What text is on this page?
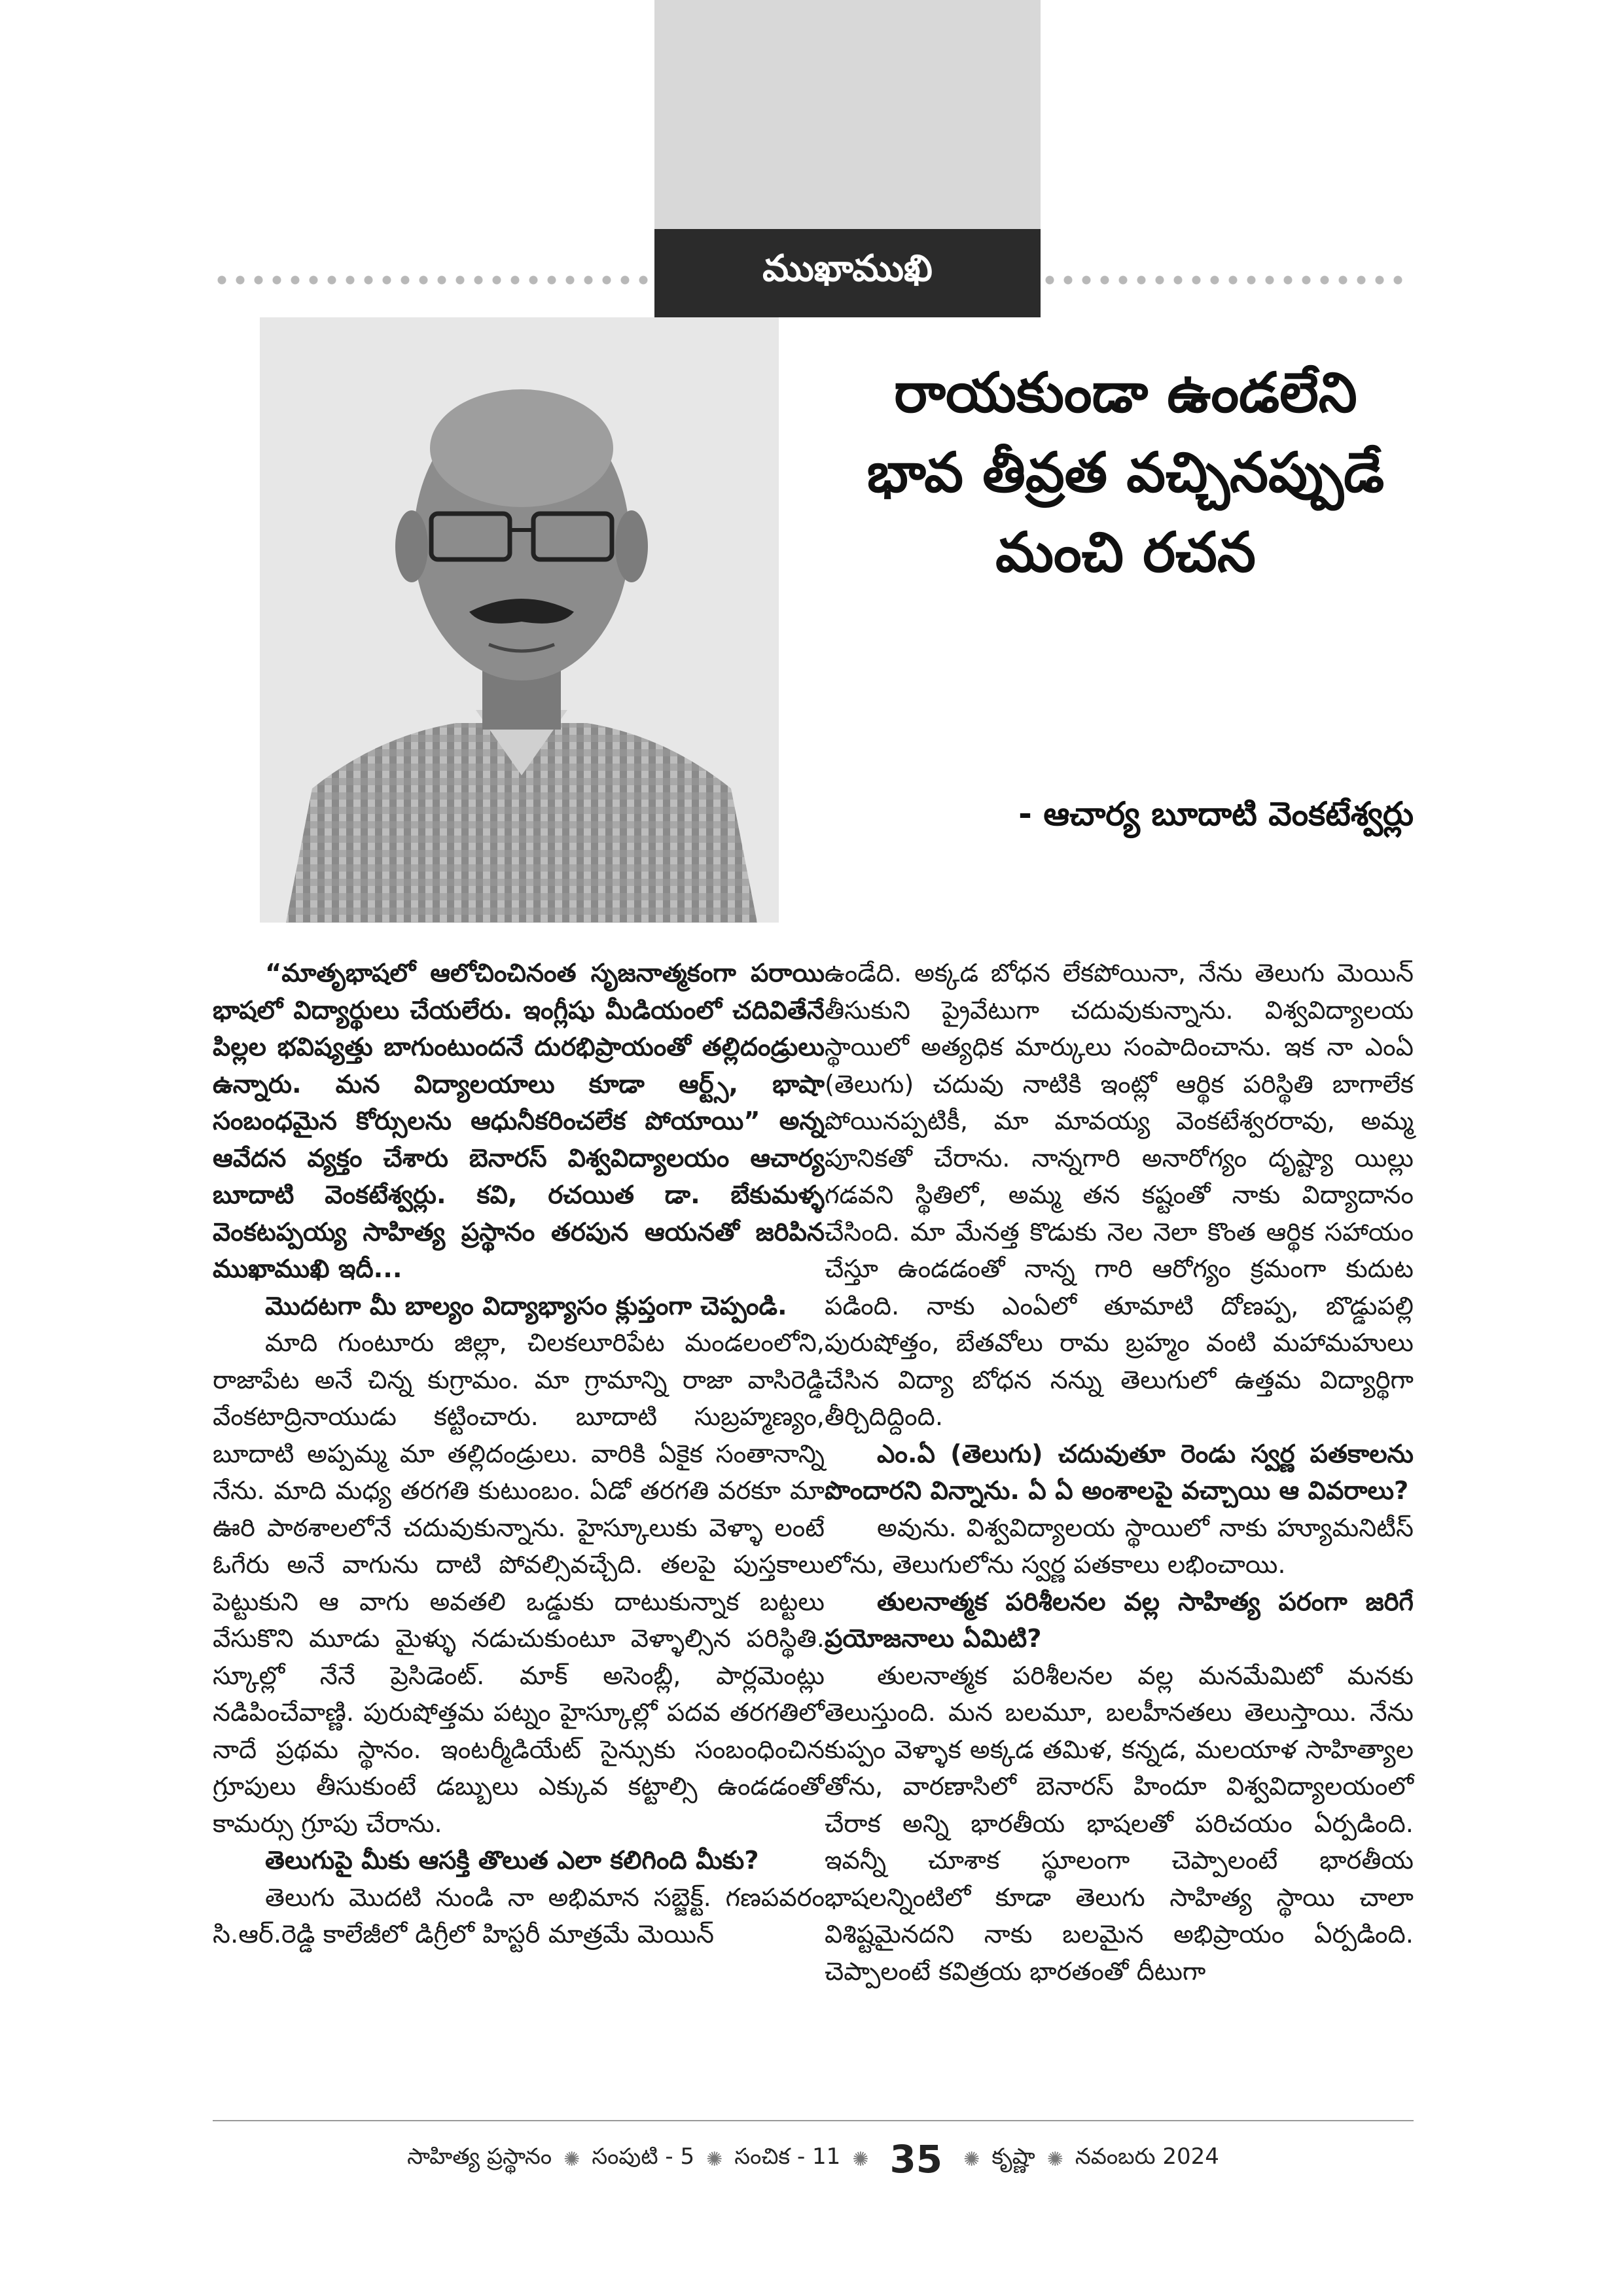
ముఖాముఖి
రాయకుండా ఉండలేని
భావ తీవ్రత వచ్చినప్పుడే
మంచి రచన
- ఆచార్య బూదాటి వెంకటేశ్వర్లు

“మాతృభాషలో ఆలోచించినంత సృజనాత్మకంగా పరాయి భాషలో విద్యార్థులు చేయలేరు. ఇంగ్లీషు మీడియంలో చదివితేనే పిల్లల భవిష్యత్తు బాగుంటుందనే దురభిప్రాయంతో తల్లిదండ్రులు ఉన్నారు. మన విద్యాలయాలు కూడా ఆర్ట్స్, భాషా సంబంధమైన కోర్సులను ఆధునీకరించలేక పోయాయి” అన్న ఆవేదన వ్యక్తం చేశారు బెనారస్ విశ్వవిద్యాలయం ఆచార్య బూదాటి వెంకటేశ్వర్లు. కవి, రచయిత డా. బేకుమళ్ళ వెంకటప్పయ్య సాహిత్య ప్రస్థానం తరపున ఆయనతో జరిపిన ముఖాముఖి ఇదీ...

మొదటగా మీ బాల్యం విద్యాభ్యాసం క్లుప్తంగా చెప్పండి.

మాది గుంటూరు జిల్లా, చిలకలూరిపేట మండలంలోని, రాజాపేట అనే చిన్న కుగ్రామం. మా గ్రామాన్ని రాజా వాసిరెడ్డి వేంకటాద్రినాయుడు కట్టించారు. బూదాటి సుబ్రహ్మణ్యం, బూదాటి అప్పమ్మ మా తల్లిదండ్రులు. వారికి ఏకైక సంతానాన్ని నేను. మాది మధ్య తరగతి కుటుంబం. ఏడో తరగతి వరకూ మా ఊరి పాఠశాలలోనే చదువుకున్నాను. హైస్కూలుకు వెళ్ళా లంటే ఓగేరు అనే వాగును దాటి పోవల్సివచ్చేది. తలపై పుస్తకాలు పెట్టుకుని ఆ వాగు అవతలి ఒడ్డుకు దాటుకున్నాక బట్టలు వేసుకొని మూడు మైళ్ళు నడుచుకుంటూ వెళ్ళాల్సిన పరిస్థితి. స్కూల్లో నేనే ప్రెసిడెంట్. మాక్ అసెంబ్లీ, పార్లమెంట్లు నడిపించేవాణ్ణి. పురుషోత్తమ పట్నం హైస్కూల్లో పదవ తరగతిలో నాదే ప్రథమ స్థానం. ఇంటర్మీడియేట్ సైన్సుకు సంబంధించిన గ్రూపులు తీసుకుంటే డబ్బులు ఎక్కువ కట్టాల్సి ఉండడంతో కామర్సు గ్రూపు చేరాను.

తెలుగుపై మీకు ఆసక్తి తొలుత ఎలా కలిగింది మీకు?

తెలుగు మొదటి నుండి నా అభిమాన సబ్జెక్ట్. గణపవరం సి.ఆర్.రెడ్డి కాలేజీలో డిగ్రీలో హిస్టరీ మాత్రమే మెయిన్

ఉండేది. అక్కడ బోధన లేకపోయినా, నేను తెలుగు మెయిన్ తీసుకుని ప్రైవేటుగా చదువుకున్నాను. విశ్వవిద్యాలయ స్థాయిలో అత్యధిక మార్కులు సంపాదించాను. ఇక నా ఎంఏ (తెలుగు) చదువు నాటికి ఇంట్లో ఆర్థిక పరిస్థితి బాగాలేక పోయినప్పటికీ, మా మావయ్య వెంకటేశ్వరరావు, అమ్మ పూనికతో చేరాను. నాన్నగారి అనారోగ్యం దృష్ట్యా యిల్లు గడవని స్థితిలో, అమ్మ తన కష్టంతో నాకు విద్యాదానం చేసింది. మా మేనత్త కొడుకు నెల నెలా కొంత ఆర్థిక సహాయం చేస్తూ ఉండడంతో నాన్న గారి ఆరోగ్యం క్రమంగా కుదుట పడింది. నాకు ఎంఏలో తూమాటి దోణప్ప, బొడ్డుపల్లి పురుషోత్తం, బేతవోలు రామ బ్రహ్మం వంటి మహామహులు చేసిన విద్యా బోధన నన్ను తెలుగులో ఉత్తమ విద్యార్థిగా తీర్చిదిద్దింది.

ఎం.ఏ (తెలుగు) చదువుతూ రెండు స్వర్ణ పతకాలను పొందారని విన్నాను. ఏ ఏ అంశాలపై వచ్చాయి ఆ వివరాలు?

అవును. విశ్వవిద్యాలయ స్థాయిలో నాకు హ్యూమనిటీస్ లోను, తెలుగులోను స్వర్ణ పతకాలు లభించాయి.

తులనాత్మక పరిశీలనల వల్ల సాహిత్య పరంగా జరిగే ప్రయోజనాలు ఏమిటి?

తులనాత్మక పరిశీలనల వల్ల మనమేమిటో మనకు తెలుస్తుంది. మన బలమూ, బలహీనతలు తెలుస్తాయి. నేను కుప్పం వెళ్ళాక అక్కడ తమిళ, కన్నడ, మలయాళ సాహిత్యాల తోను, వారణాసిలో బెనారస్ హిందూ విశ్వవిద్యాలయంలో చేరాక అన్ని భారతీయ భాషలతో పరిచయం ఏర్పడింది. ఇవన్నీ చూశాక స్థూలంగా చెప్పాలంటే భారతీయ భాషలన్నింటిలో కూడా తెలుగు సాహిత్య స్థాయి చాలా విశిష్టమైనదని నాకు బలమైన అభిప్రాయం ఏర్పడింది. చెప్పాలంటే కవిత్రయ భారతంతో దీటుగా

సాహిత్య ప్రస్థానం ✺ సంపుటి - 5 ✺ సంచిక - 11 ✺ 35 ✺ కృష్ణా ✺ నవంబరు 2024
